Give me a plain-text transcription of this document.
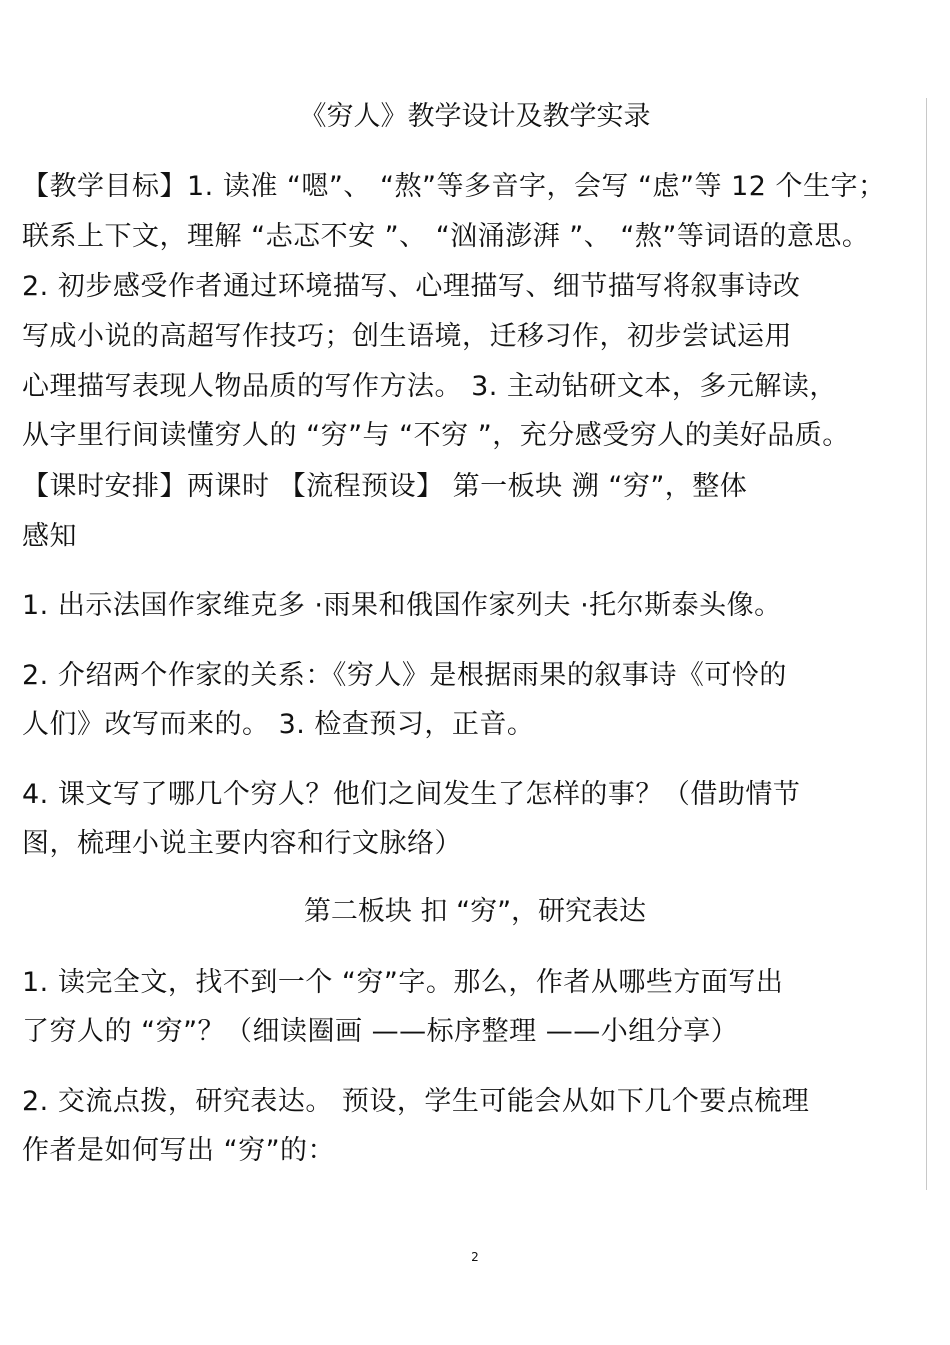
《穷人》教学设计及教学实录

【教学目标】1. 读准 “嗯”、 “熬”等多音字，会写 “虑”等 12 个生字；

联系上下文，理解 “忐忑不安 ”、 “汹涌澎湃 ”、 “熬”等词语的意思。

2. 初步感受作者通过环境描写、心理描写、细节描写将叙事诗改

写成小说的高超写作技巧；创生语境，迁移习作，初步尝试运用

心理描写表现人物品质的写作方法。 3. 主动钻研文本，多元解读，

从字里行间读懂穷人的 “穷”与 “不穷 ”，充分感受穷人的美好品质。

【课时安排】两课时 【流程预设】 第一板块 溯 “穷”，整体

感知

1. 出示法国作家维克多 ·雨果和俄国作家列夫 ·托尔斯泰头像。

2. 介绍两个作家的关系：《穷人》是根据雨果的叙事诗《可怜的

人们》改写而来的。 3. 检查预习，正音。

4. 课文写了哪几个穷人？他们之间发生了怎样的事？（借助情节

图，梳理小说主要内容和行文脉络）

第二板块 扣 “穷”，研究表达

1. 读完全文，找不到一个 “穷”字。那么，作者从哪些方面写出

了穷人的 “穷”？（细读圈画 ——标序整理 ——小组分享）

2. 交流点拨，研究表达。 预设，学生可能会从如下几个要点梳理

作者是如何写出 “穷”的：

2
